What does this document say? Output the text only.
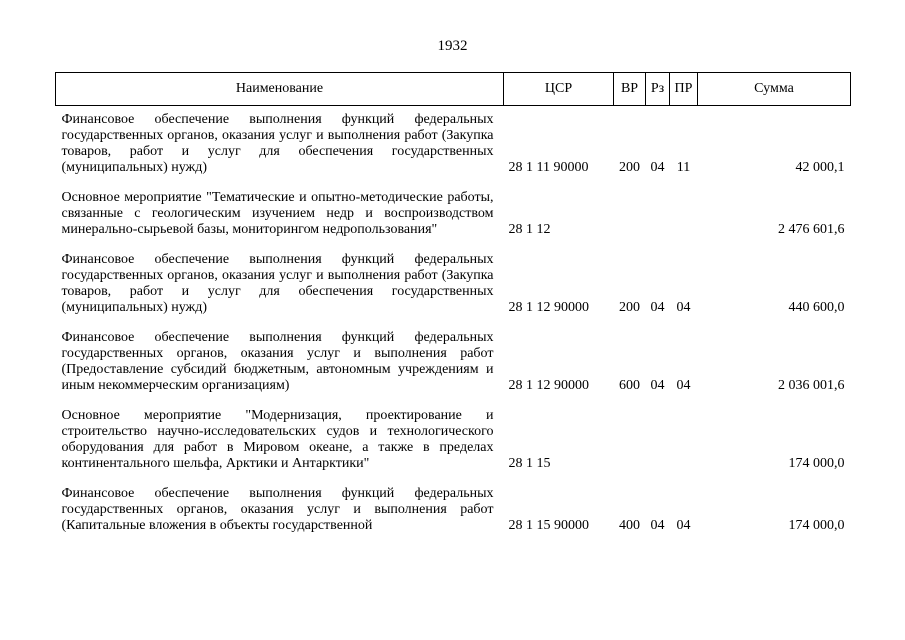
1932
Наименование	ЦСР	ВР	Рз	ПР	Сумма
Финансовое обеспечение выполнения функций федеральных государственных органов, оказания услуг и выполнения работ (Закупка товаров, работ и услуг для обеспечения государственных (муниципальных) нужд)	28 1 11 90000	200	04	11	42 000,1
Основное мероприятие "Тематические и опытно-методические работы, связанные с геологическим изучением недр и воспроизводством минерально-сырьевой базы, мониторингом недропользования"	28 1 12				2 476 601,6
Финансовое обеспечение выполнения функций федеральных государственных органов, оказания услуг и выполнения работ (Закупка товаров, работ и услуг для обеспечения государственных (муниципальных) нужд)	28 1 12 90000	200	04	04	440 600,0
Финансовое обеспечение выполнения функций федеральных государственных органов, оказания услуг и выполнения работ (Предоставление субсидий бюджетным, автономным учреждениям и иным некоммерческим организациям)	28 1 12 90000	600	04	04	2 036 001,6
Основное мероприятие "Модернизация, проектирование и строительство научно-исследовательских судов и технологического оборудования для работ в Мировом океане, а также в пределах континентального шельфа, Арктики и Антарктики"	28 1 15				174 000,0
Финансовое обеспечение выполнения функций федеральных государственных органов, оказания услуг и выполнения работ (Капитальные вложения в объекты государственной	28 1 15 90000	400	04	04	174 000,0
